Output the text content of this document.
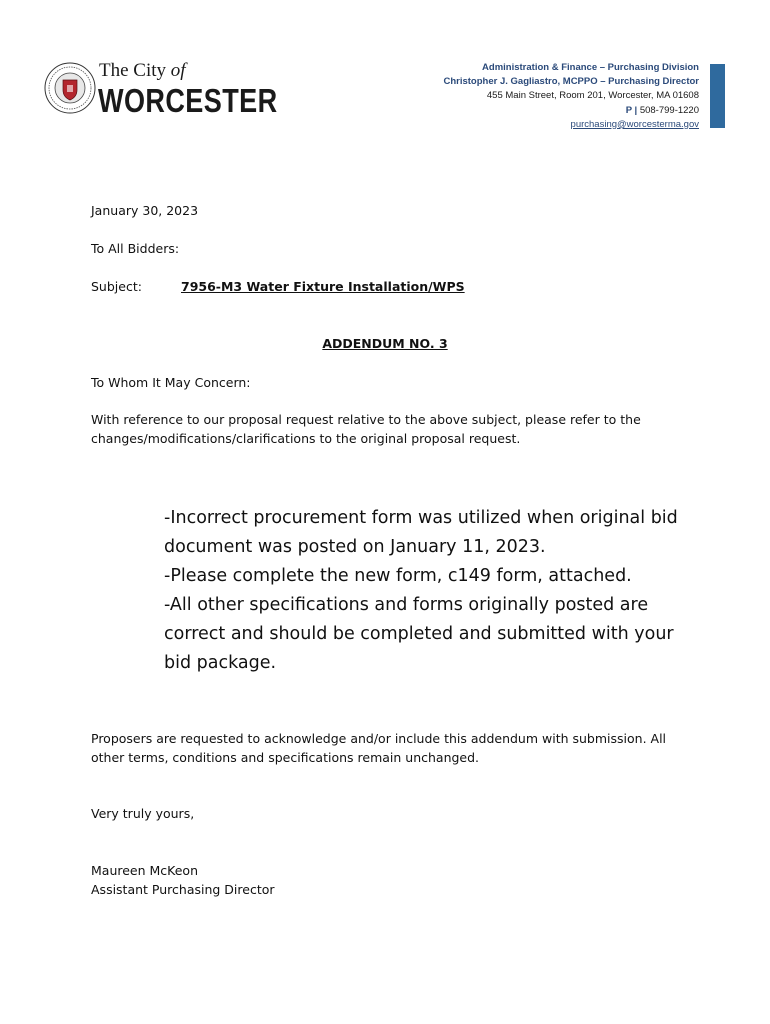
The City of
WORCESTER
Administration & Finance – Purchasing Division
Christopher J. Gagliastro, MCPPO – Purchasing Director
455 Main Street, Room 201, Worcester, MA 01608
P | 508-799-1220
purchasing@worcesterma.gov
January 30, 2023
To All Bidders:
Subject:	7956-M3 Water Fixture Installation/WPS
ADDENDUM NO. 3
To Whom It May Concern:
With reference to our proposal request relative to the above subject, please refer to the
changes/modifications/clarifications to the original proposal request.
-Incorrect procurement form was utilized when original bid
document was posted on January 11, 2023.
-Please complete the new form, c149 form, attached.
-All other specifications and forms originally posted are
correct and should be completed and submitted with your
bid package.
Proposers are requested to acknowledge and/or include this addendum with submission. All
other terms, conditions and specifications remain unchanged.
Very truly yours,
Maureen McKeon
Assistant Purchasing Director
